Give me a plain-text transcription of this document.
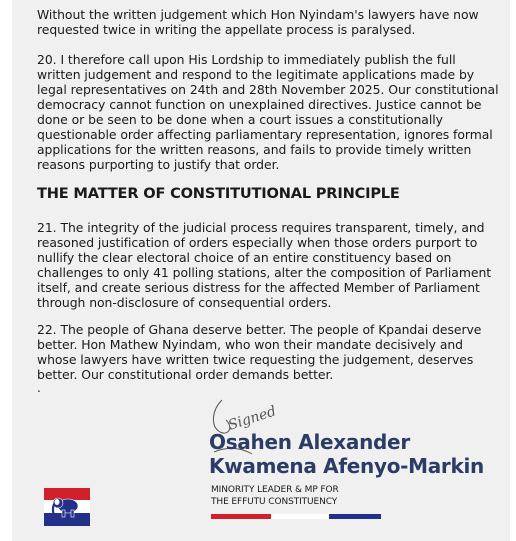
Without the written judgement which Hon Nyindam's lawyers have now requested twice in writing the appellate process is paralysed.

20. I therefore call upon His Lordship to immediately publish the full written judgement and respond to the legitimate applications made by legal representatives on 24th and 28th November 2025. Our constitutional democracy cannot function on unexplained directives. Justice cannot be done or be seen to be done when a court issues a constitutionally questionable order affecting parliamentary representation, ignores formal applications for the written reasons, and fails to provide timely written reasons purporting to justify that order.

THE MATTER OF CONSTITUTIONAL PRINCIPLE

21. The integrity of the judicial process requires transparent, timely, and reasoned justification of orders especially when those orders purport to nullify the clear electoral choice of an entire constituency based on challenges to only 41 polling stations, alter the composition of Parliament itself, and create serious distress for the affected Member of Parliament through non-disclosure of consequential orders.

22. The people of Ghana deserve better. The people of Kpandai deserve better. Hon Mathew Nyindam, who won their mandate decisively and whose lawyers have written twice requesting the judgement, deserves better. Our constitutional order demands better.

.
Signed
Osahen Alexander
Kwamena Afenyo-Markin
MINORITY LEADER & MP FOR
THE EFFUTU CONSTITUENCY
